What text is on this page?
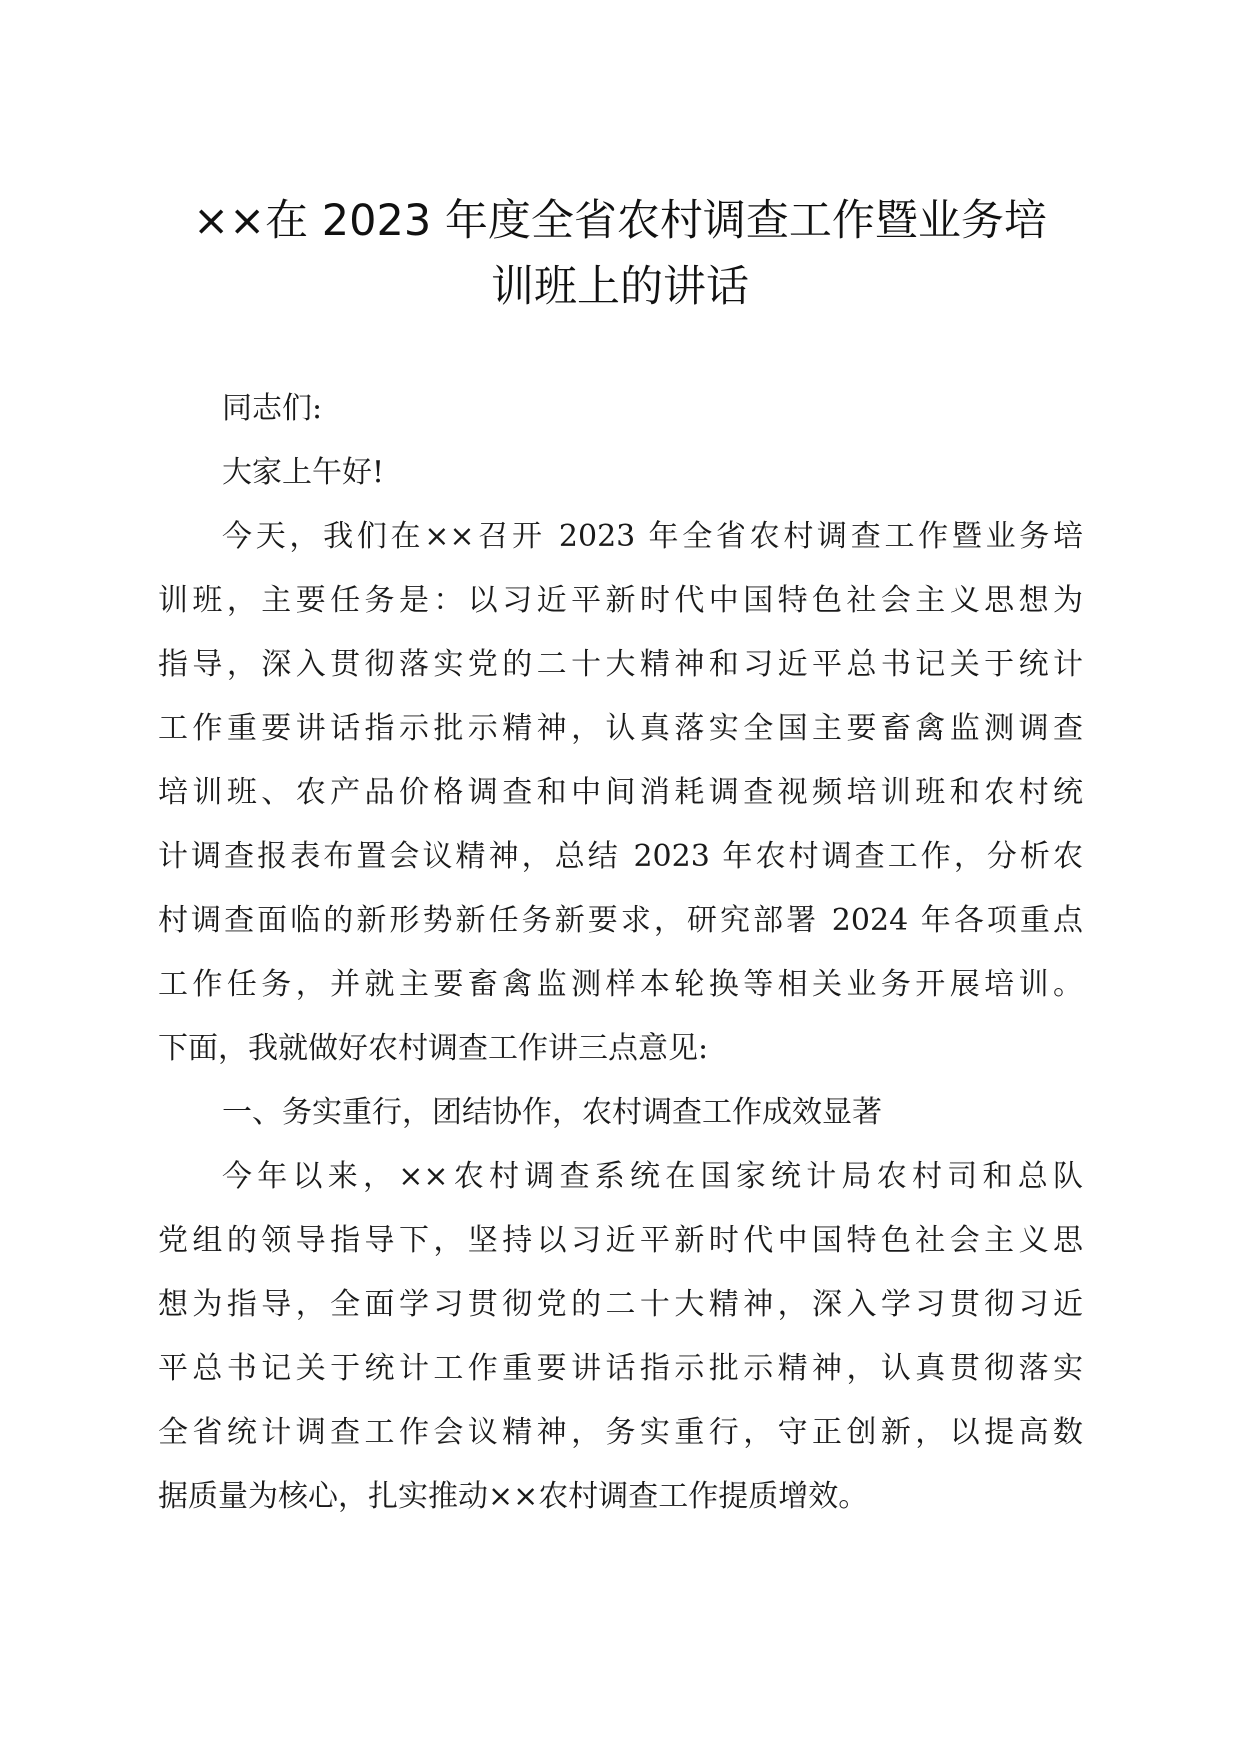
××在 2023 年度全省农村调查工作暨业务培
训班上的讲话

同志们:

大家上午好!

今天，我们在××召开 2023 年全省农村调查工作暨业务培
训班，主要任务是：以习近平新时代中国特色社会主义思想为
指导，深入贯彻落实党的二十大精神和习近平总书记关于统计
工作重要讲话指示批示精神，认真落实全国主要畜禽监测调查
培训班、农产品价格调查和中间消耗调查视频培训班和农村统
计调查报表布置会议精神，总结 2023 年农村调查工作，分析农
村调查面临的新形势新任务新要求，研究部署 2024 年各项重点
工作任务，并就主要畜禽监测样本轮换等相关业务开展培训。
下面，我就做好农村调查工作讲三点意见:

一、务实重行，团结协作，农村调查工作成效显著

今年以来，××农村调查系统在国家统计局农村司和总队
党组的领导指导下，坚持以习近平新时代中国特色社会主义思
想为指导，全面学习贯彻党的二十大精神，深入学习贯彻习近
平总书记关于统计工作重要讲话指示批示精神，认真贯彻落实
全省统计调查工作会议精神，务实重行，守正创新，以提高数
据质量为核心，扎实推动××农村调查工作提质增效。
